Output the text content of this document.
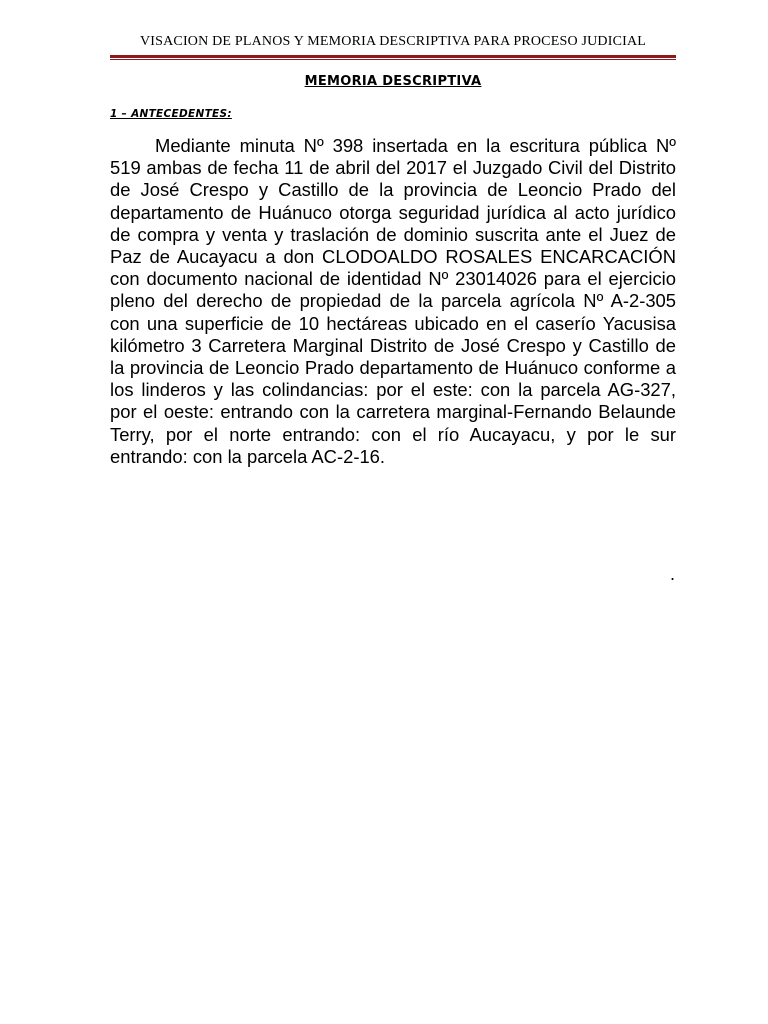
VISACION DE PLANOS Y MEMORIA DESCRIPTIVA PARA PROCESO JUDICIAL
MEMORIA DESCRIPTIVA
1 – ANTECEDENTES:

Mediante minuta Nº 398 insertada en la escritura pública Nº 519 ambas de fecha 11 de abril del 2017 el Juzgado Civil del Distrito de José Crespo y Castillo de la provincia de Leoncio Prado del departamento de Huánuco otorga seguridad jurídica al acto jurídico de compra y venta y traslación de dominio suscrita ante el Juez de Paz de Aucayacu a don CLODOALDO ROSALES ENCARCACIÓN con documento nacional de identidad Nº 23014026 para el ejercicio pleno del derecho de propiedad de la parcela agrícola Nº A-2-305 con una superficie de 10 hectáreas ubicado en el caserío Yacusisa kilómetro 3 Carretera Marginal Distrito de José Crespo y Castillo de la provincia de Leoncio Prado departamento de Huánuco conforme a los linderos y las colindancias: por el este: con la parcela AG-327, por el oeste: entrando con la carretera marginal-Fernando Belaunde Terry, por el norte entrando: con el río Aucayacu, y por le sur entrando: con la parcela AC-2-16.

.
